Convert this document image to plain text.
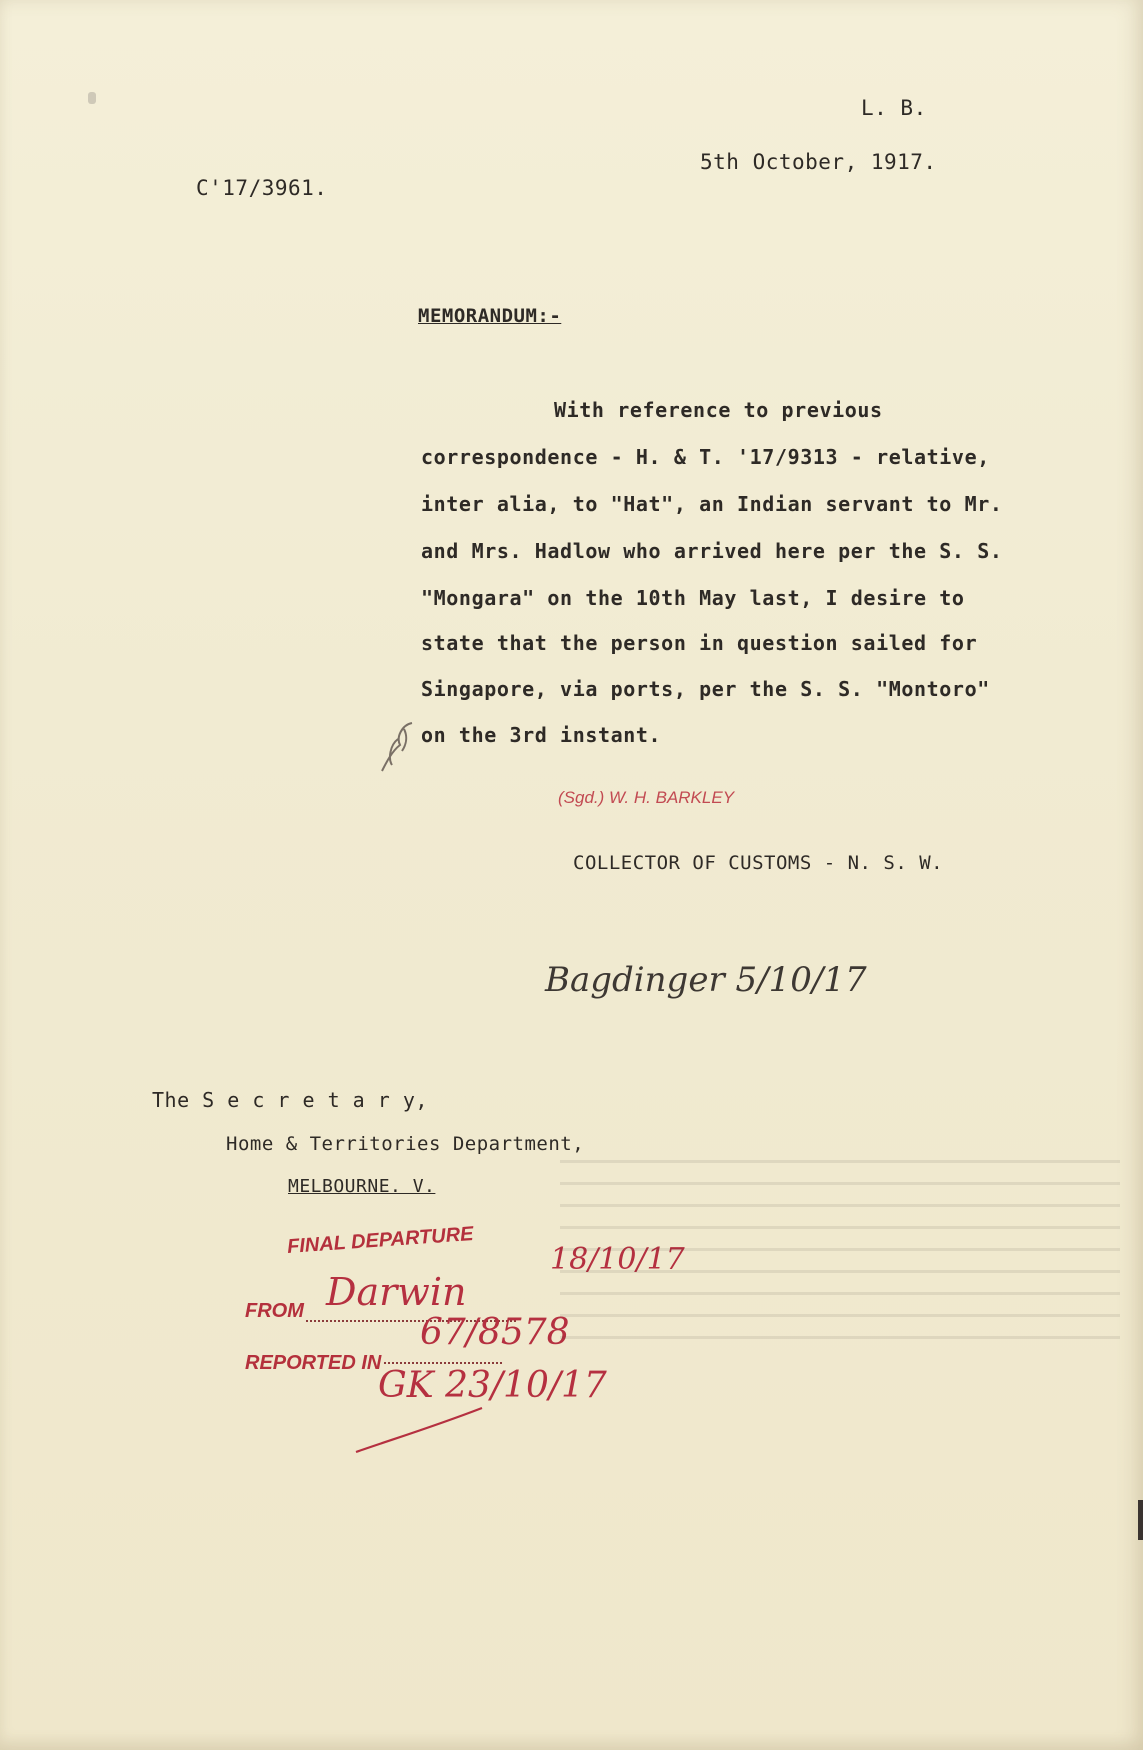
L. B.
5th October, 1917.
C'17/3961.
MEMORANDUM:-
With reference to previous
correspondence - H. & T. '17/9313 - relative,
inter alia, to "Hat", an Indian servant to Mr.
and Mrs. Hadlow who arrived here per the S. S.
"Mongara" on the 10th May last, I desire to
state that the person in question sailed for
Singapore, via ports, per the S. S. "Montoro"
on the 3rd instant.
(Sgd.) W. H. BARKLEY
COLLECTOR OF CUSTOMS - N. S. W.
Bagdinger 5/10/17
The S e c r e t a r y,
Home & Territories Department,
MELBOURNE. V.
FINAL DEPARTURE
18/10/17
FROM Darwin
REPORTED IN
67/8578
GK 23/10/17
